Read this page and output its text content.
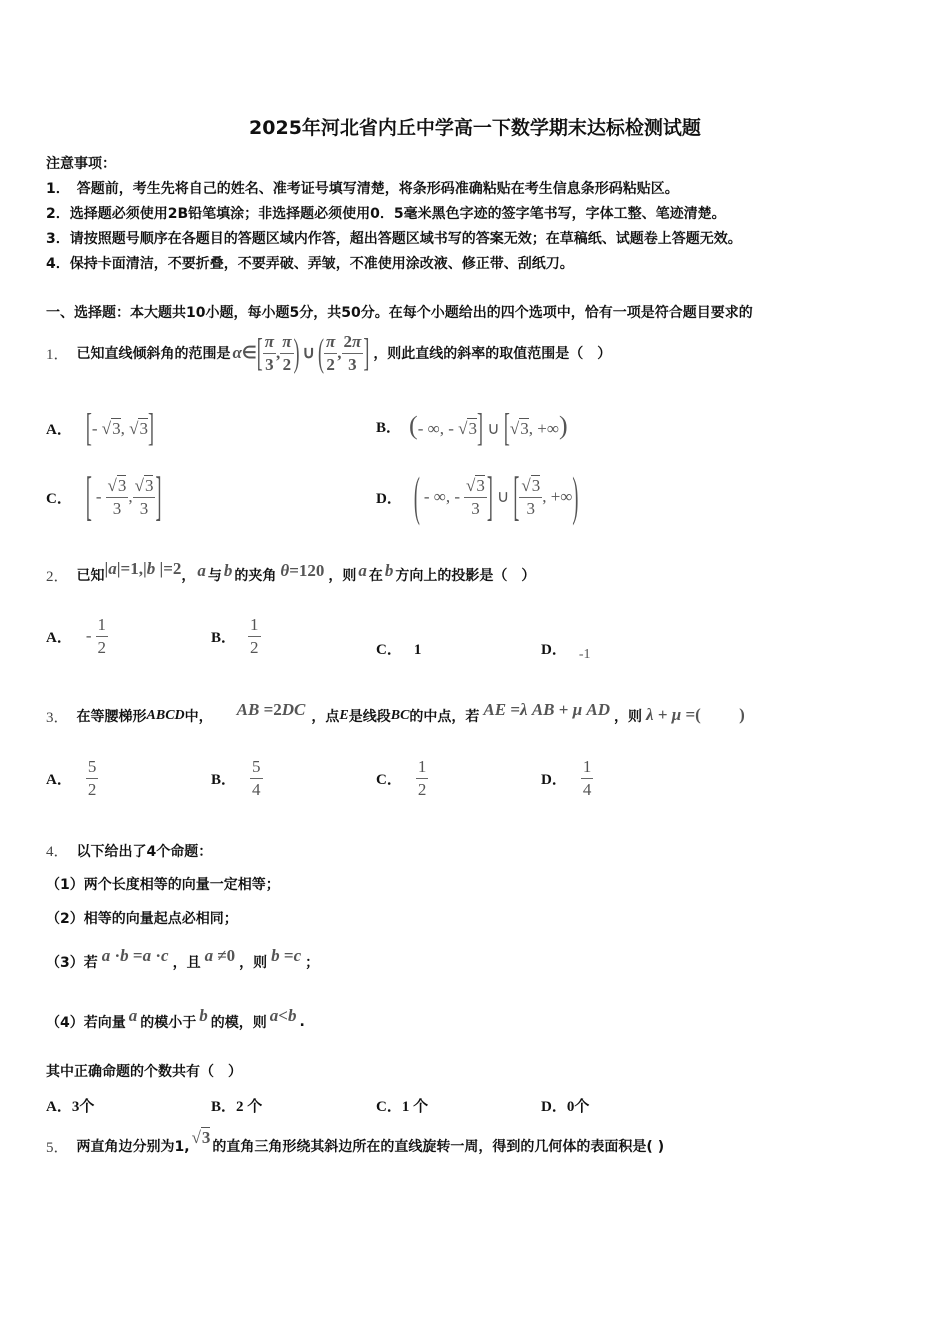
2025年河北省内丘中学高一下数学期末达标检测试题
注意事项：
1．　答题前，考生先将自己的姓名、准考证号填写清楚，将条形码准确粘贴在考生信息条形码粘贴区。
2．选择题必须使用2B铅笔填涂；非选择题必须使用0．5毫米黑色字迹的签字笔书写，字体工整、笔迹清楚。
3．请按照题号顺序在各题目的答题区域内作答，超出答题区域书写的答案无效；在草稿纸、试题卷上答题无效。
4．保持卡面清洁，不要折叠，不要弄破、弄皱，不准使用涂改液、修正带、刮纸刀。
一、选择题：本大题共10小题，每小题5分，共50分。在每个小题给出的四个选项中，恰有一项是符合题目要求的
1． 已知直线倾斜角的范围是 α ∈ [ $\frac{\pi}{3}$ , $\frac{\pi}{2}$ ) ∪ ( $\frac{\pi}{2}$ , $\frac{2\pi}{3}$ ] ，则此直线的斜率的取值范围是（　）
A． [- √3, √3]	B． (- ∞, - √3] ∪ [√3, +∞)
C． [ - $\frac{√3}{3}$ , $\frac{√3}{3}$ ]	D． ( - ∞, - $\frac{√3}{3}$ ] ∪ [ $\frac{√3}{3}$ , +∞ )
2． 已知 |a|=1,|b |=2 ， a 与 b 的夹角 θ=120 ，则 a 在 b 方向上的投影是（　）
A． - $\frac{1}{2}$	B． $\frac{1}{2}$	C． 1	D． -1
3． 在等腰梯形 ABCD 中， AB =2DC ，点 E 是线段 BC 的中点，若 AE =λ AB + μ AD ，则 λ + μ =(　　 )
A． $\frac{5}{2}$	B． $\frac{5}{4}$	C． $\frac{1}{2}$	D． $\frac{1}{4}$
4． 以下给出了4个命题：
（1）两个长度相等的向量一定相等；
（2）相等的向量起点必相同；
（3）若 a ·b =a ·c ，且 a ≠0 ，则 b =c ；
（4）若向量 a 的模小于 b 的模，则 a<b .
其中正确命题的个数共有（　）
A．3个	B．2 个	C．1 个	D．0个
5． 两直角边分别为1, √3 的直角三角形绕其斜边所在的直线旋转一周，得到的几何体的表面积是( )
